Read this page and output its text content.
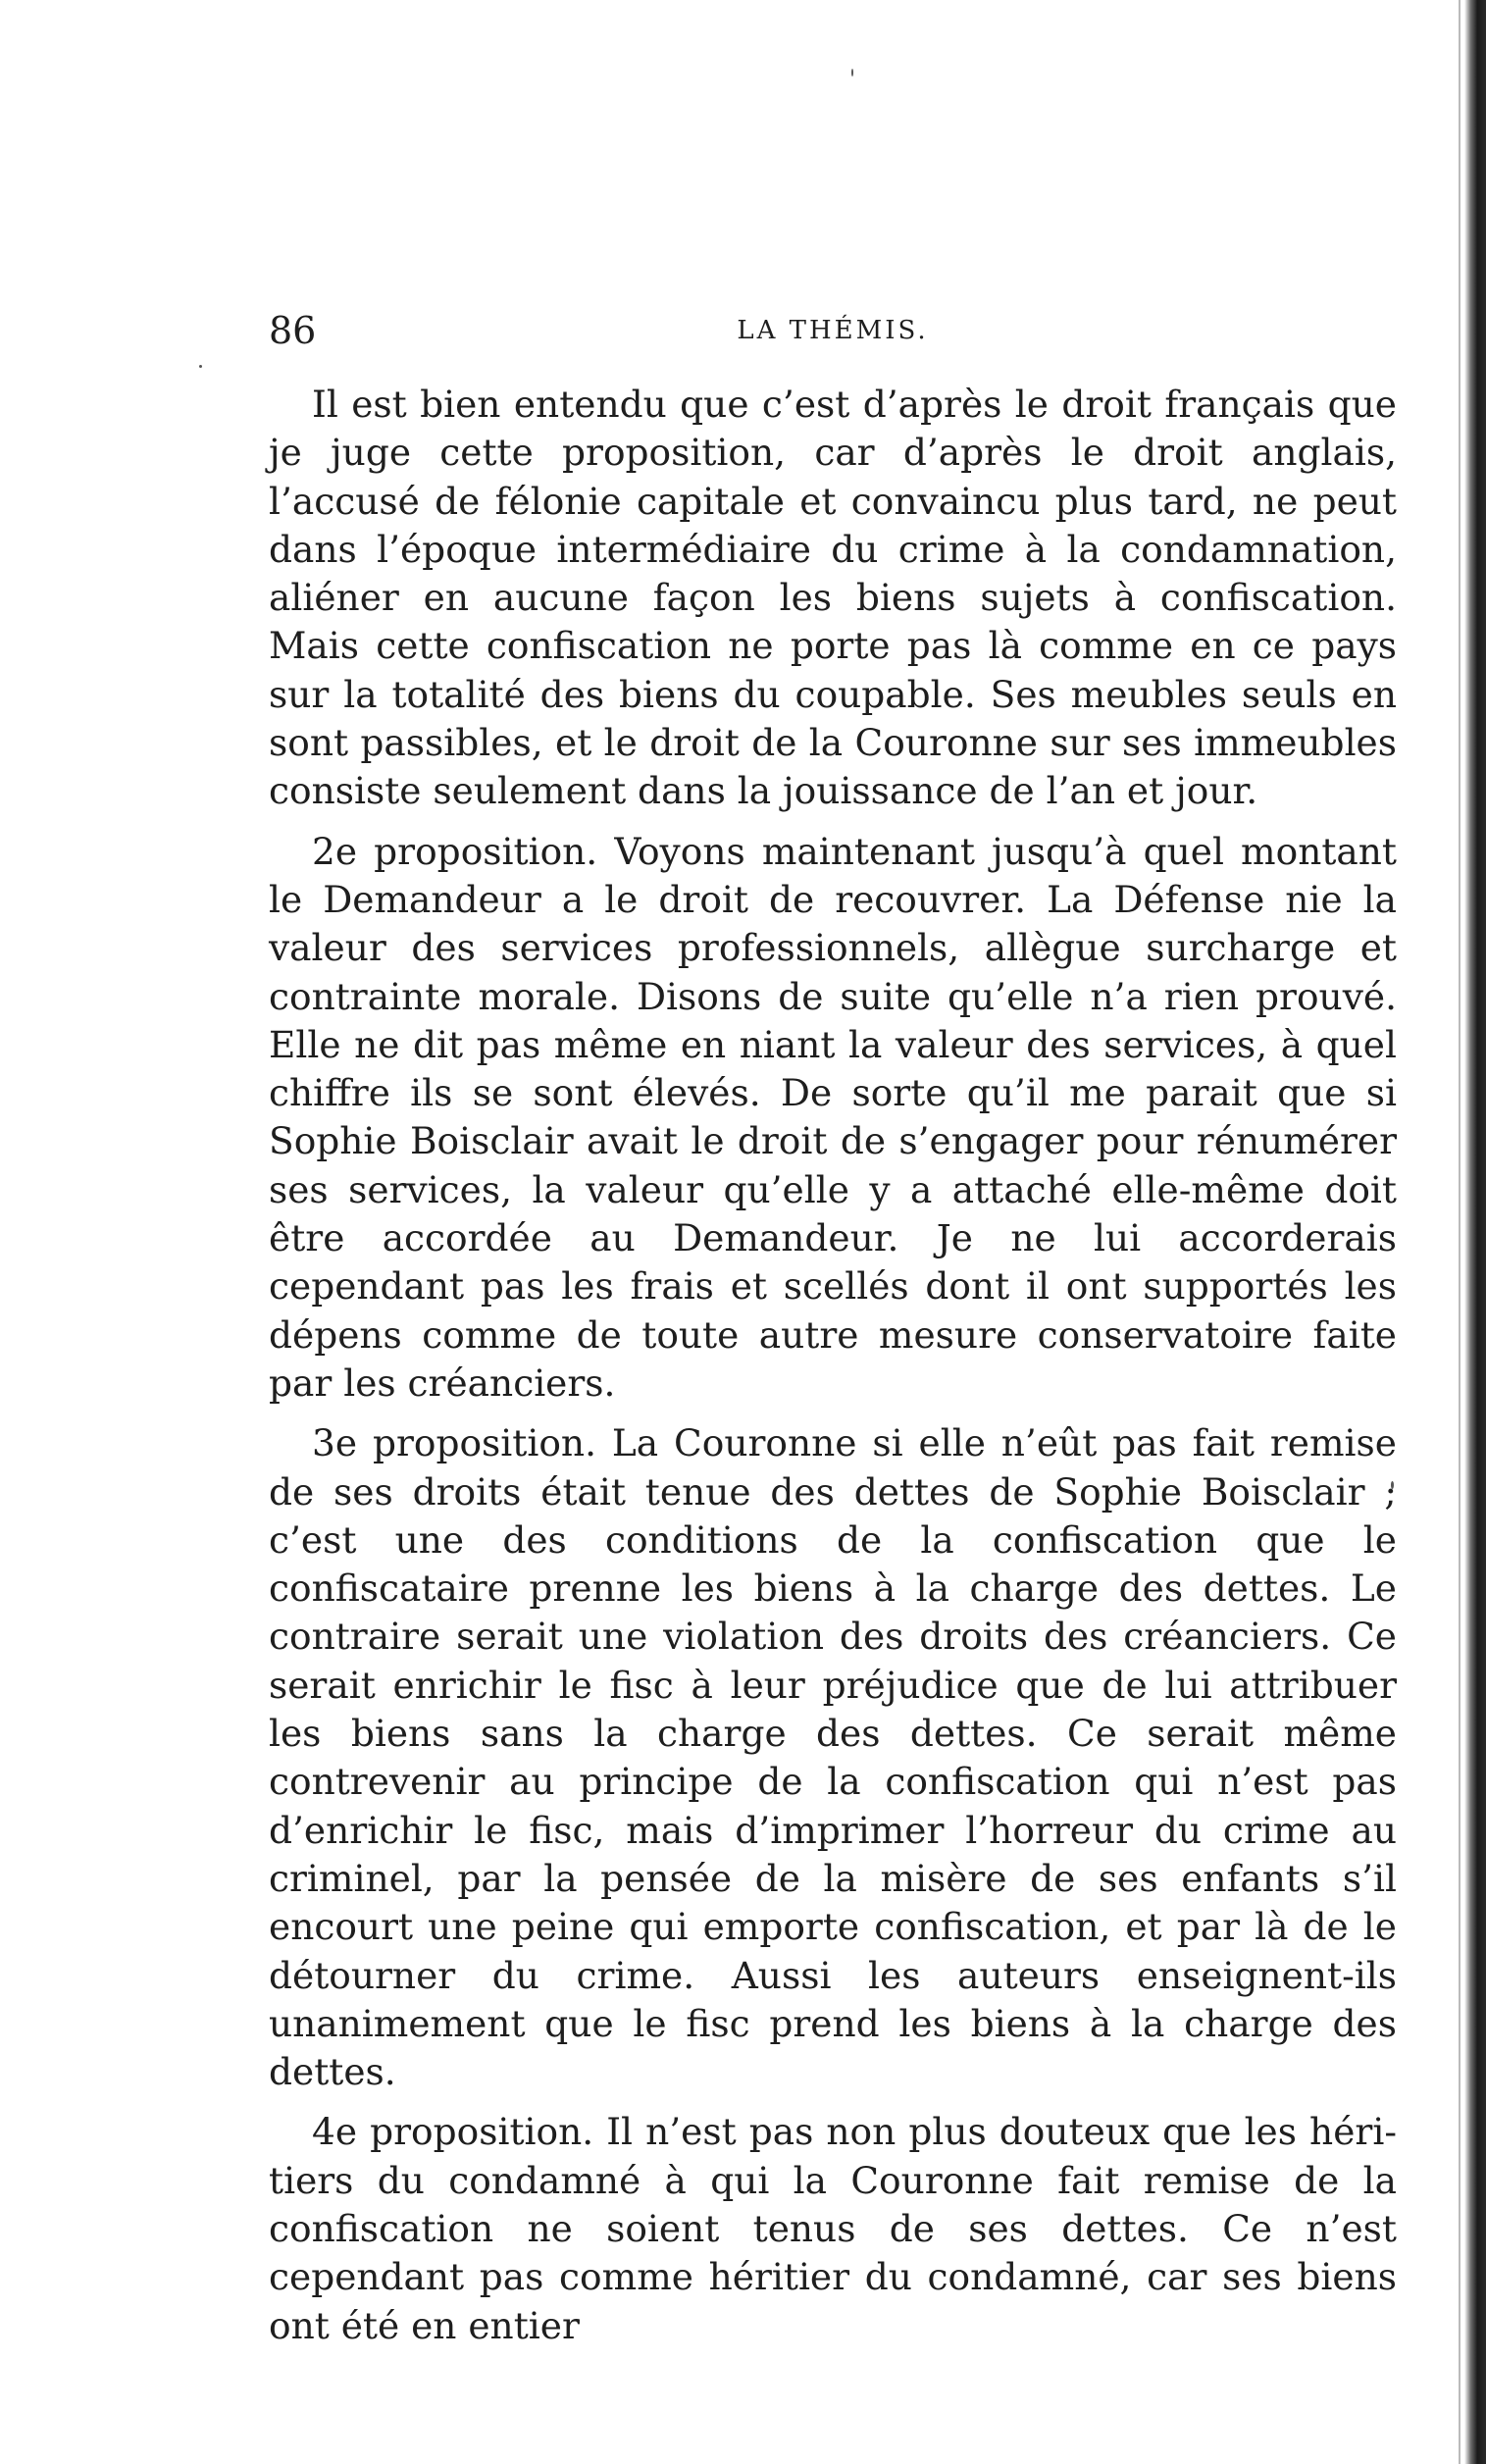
86	LA THÉMIS.

Il est bien entendu que c’est d’après le droit français que je juge cette proposition, car d’après le droit anglais, l’accusé de félonie capitale et convaincu plus tard, ne peut dans l’époque intermédiaire du crime à la condamnation, aliéner en aucune façon les biens sujets à confiscation. Mais cette confiscation ne porte pas là comme en ce pays sur la totalité des biens du coupable. Ses meubles seuls en sont passibles, et le droit de la Couronne sur ses immeubles consiste seulement dans la jouissance de l’an et jour.

2e proposition. Voyons maintenant jusqu’à quel montant le Demandeur a le droit de recouvrer. La Défense nie la valeur des services professionnels, allègue surcharge et contrainte morale. Disons de suite qu’elle n’a rien prouvé. Elle ne dit pas même en niant la valeur des services, à quel chiffre ils se sont élevés. De sorte qu’il me parait que si Sophie Boisclair avait le droit de s’engager pour rénumérer ses services, la valeur qu’elle y a attaché elle-même doit être accordée au Demandeur. Je ne lui accorderais cependant pas les frais et scellés dont il ont supportés les dépens comme de toute autre mesure conservatoire faite par les créanciers.

3e proposition. La Couronne si elle n’eût pas fait remise de ses droits était tenue des dettes de Sophie Boisclair ; c’est une des conditions de la confiscation que le confiscataire prenne les biens à la charge des dettes. Le contraire serait une violation des droits des créanciers. Ce serait enrichir le fisc à leur préjudice que de lui attribuer les biens sans la charge des dettes. Ce serait même contrevenir au principe de la confiscation qui n’est pas d’enrichir le fisc, mais d’imprimer l’horreur du crime au criminel, par la pensée de la misère de ses enfants s’il encourt une peine qui emporte confiscation, et par là de le détourner du crime. Aussi les auteurs enseignent-ils unanimement que le fisc prend les biens à la charge des dettes.

4e proposition. Il n’est pas non plus douteux que les héritiers du condamné à qui la Couronne fait remise de la confiscation ne soient tenus de ses dettes. Ce n’est cependant pas comme héritier du condamné, car ses biens ont été en entier
